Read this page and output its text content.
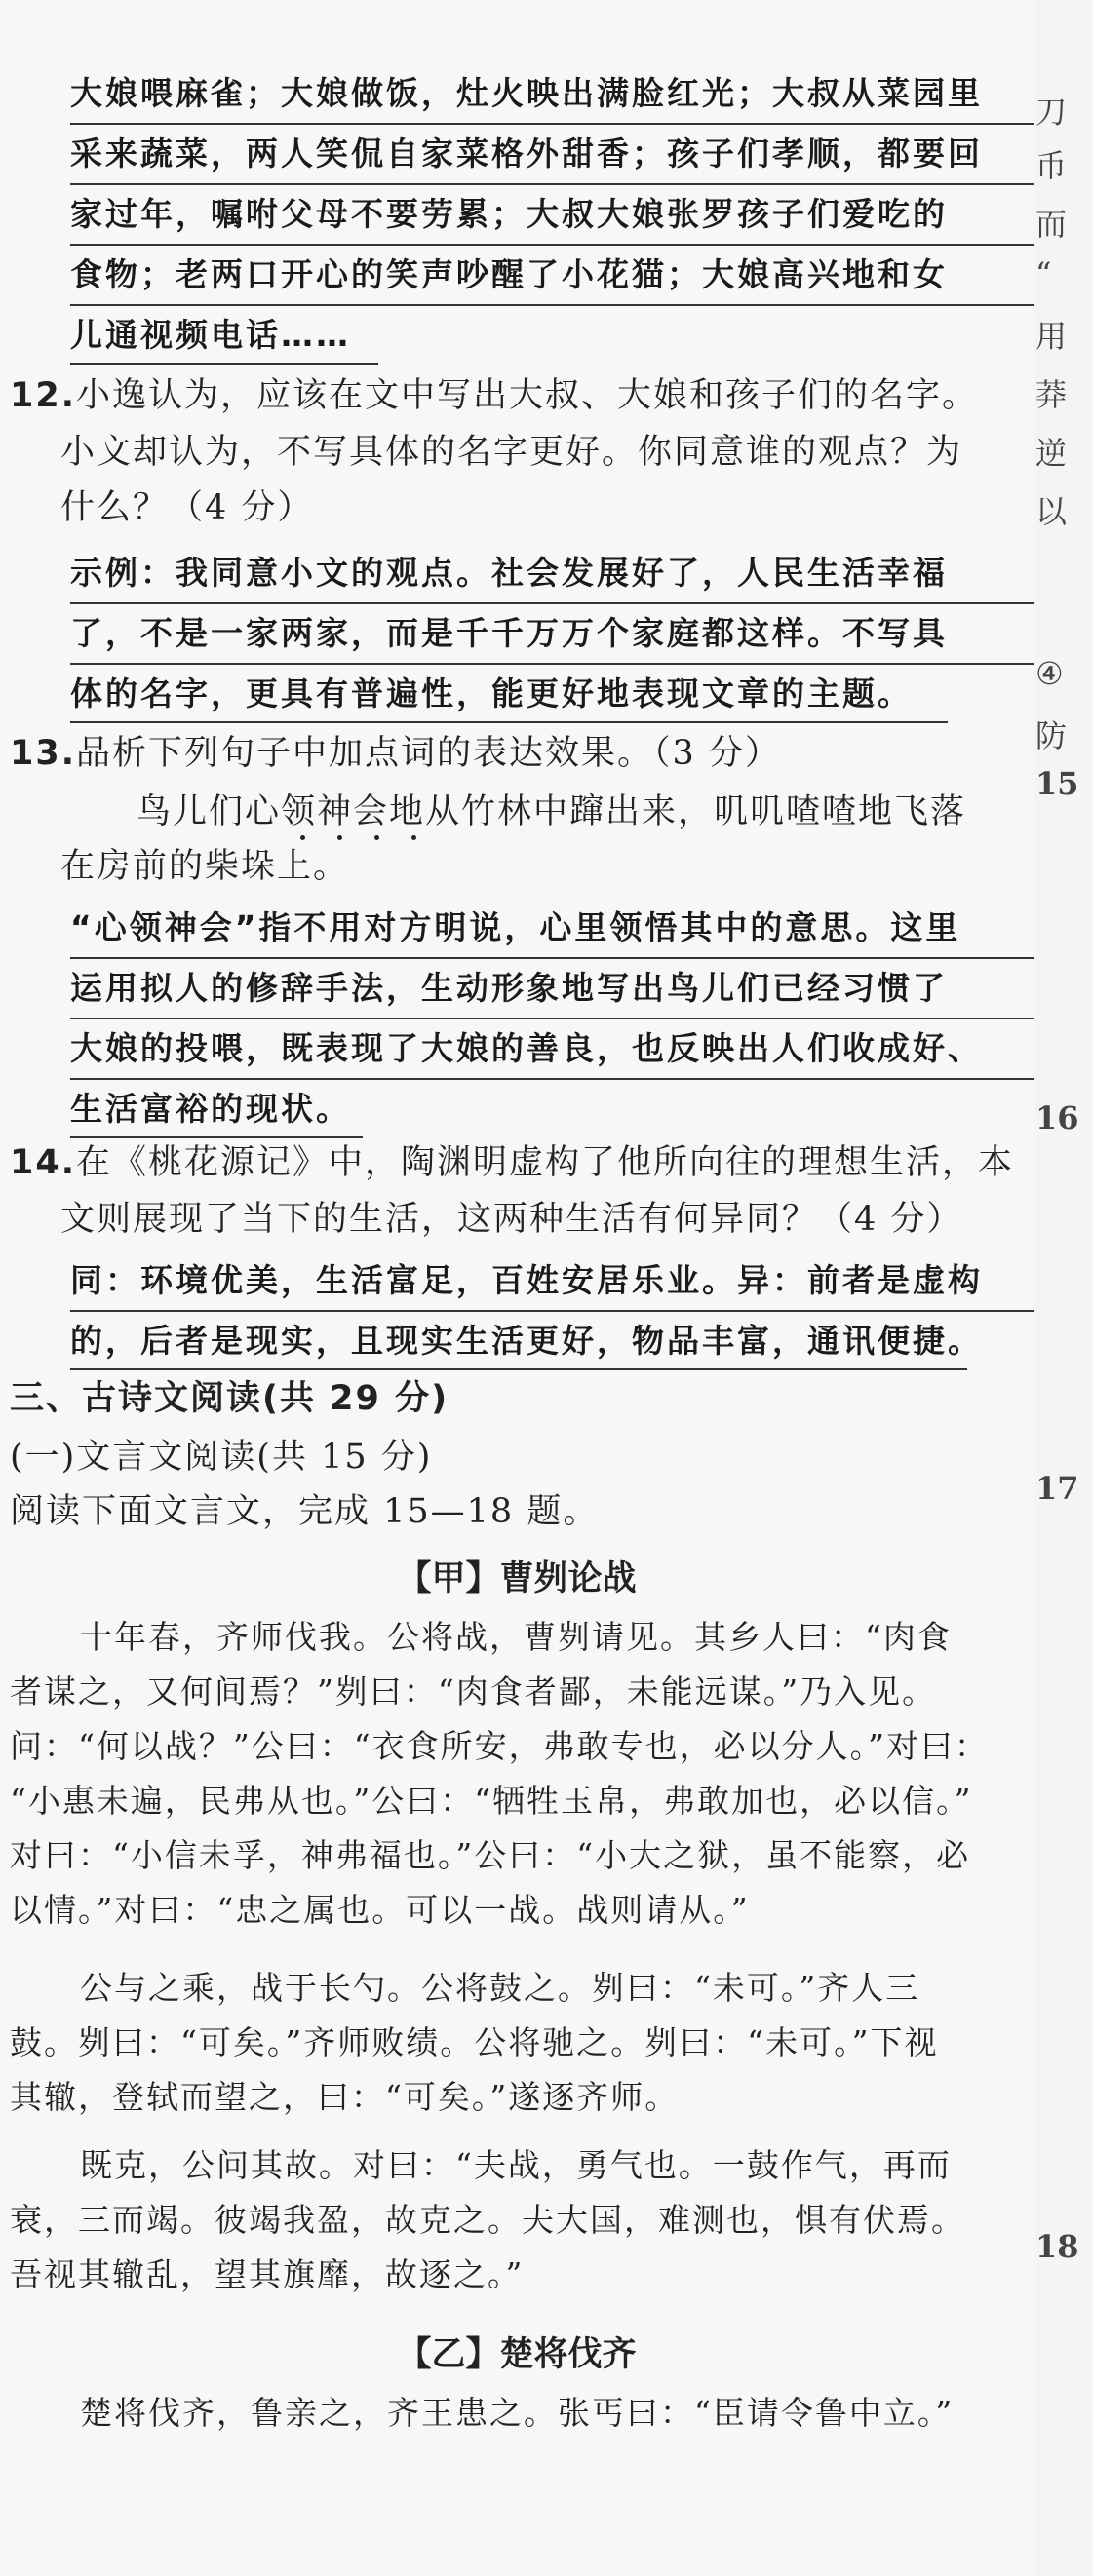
大娘喂麻雀；大娘做饭，灶火映出满脸红光；大叔从菜园里
采来蔬菜，两人笑侃自家菜格外甜香；孩子们孝顺，都要回
家过年，嘱咐父母不要劳累；大叔大娘张罗孩子们爱吃的
食物；老两口开心的笑声吵醒了小花猫；大娘高兴地和女
儿通视频电话……
12.小逸认为，应该在文中写出大叔、大娘和孩子们的名字。
小文却认为，不写具体的名字更好。你同意谁的观点？为
什么？（4 分）
示例：我同意小文的观点。社会发展好了，人民生活幸福
了，不是一家两家，而是千千万万个家庭都这样。不写具
体的名字，更具有普遍性，能更好地表现文章的主题。
13.品析下列句子中加点词的表达效果。（3 分）
鸟儿们心领神会地从竹林中蹿出来，叽叽喳喳地飞落
在房前的柴垛上。
“心领神会”指不用对方明说，心里领悟其中的意思。这里
运用拟人的修辞手法，生动形象地写出鸟儿们已经习惯了
大娘的投喂，既表现了大娘的善良，也反映出人们收成好、
生活富裕的现状。
14.在《桃花源记》中，陶渊明虚构了他所向往的理想生活，本
文则展现了当下的生活，这两种生活有何异同？（4 分）
同：环境优美，生活富足，百姓安居乐业。异：前者是虚构
的，后者是现实，且现实生活更好，物品丰富，通讯便捷。
三、古诗文阅读(共 29 分)
(一)文言文阅读(共 15 分)
阅读下面文言文，完成 15—18 题。
【甲】曹刿论战
十年春，齐师伐我。公将战，曹刿请见。其乡人曰：“肉食
者谋之，又何间焉？”刿曰：“肉食者鄙，未能远谋。”乃入见。
问：“何以战？”公曰：“衣食所安，弗敢专也，必以分人。”对曰：
“小惠未遍，民弗从也。”公曰：“牺牲玉帛，弗敢加也，必以信。”
对曰：“小信未孚，神弗福也。”公曰：“小大之狱，虽不能察，必
以情。”对曰：“忠之属也。可以一战。战则请从。”
公与之乘，战于长勺。公将鼓之。刿曰：“未可。”齐人三
鼓。刿曰：“可矣。”齐师败绩。公将驰之。刿曰：“未可。”下视
其辙，登轼而望之，曰：“可矣。”遂逐齐师。
既克，公问其故。对曰：“夫战，勇气也。一鼓作气，再而
衰，三而竭。彼竭我盈，故克之。夫大国，难测也，惧有伏焉。
吾视其辙乱，望其旗靡，故逐之。”
【乙】楚将伐齐
楚将伐齐，鲁亲之，齐王患之。张丐曰：“臣请令鲁中立。”
刀
币
而
“
用
莽
逆
以
④
防
15
16
17
18
